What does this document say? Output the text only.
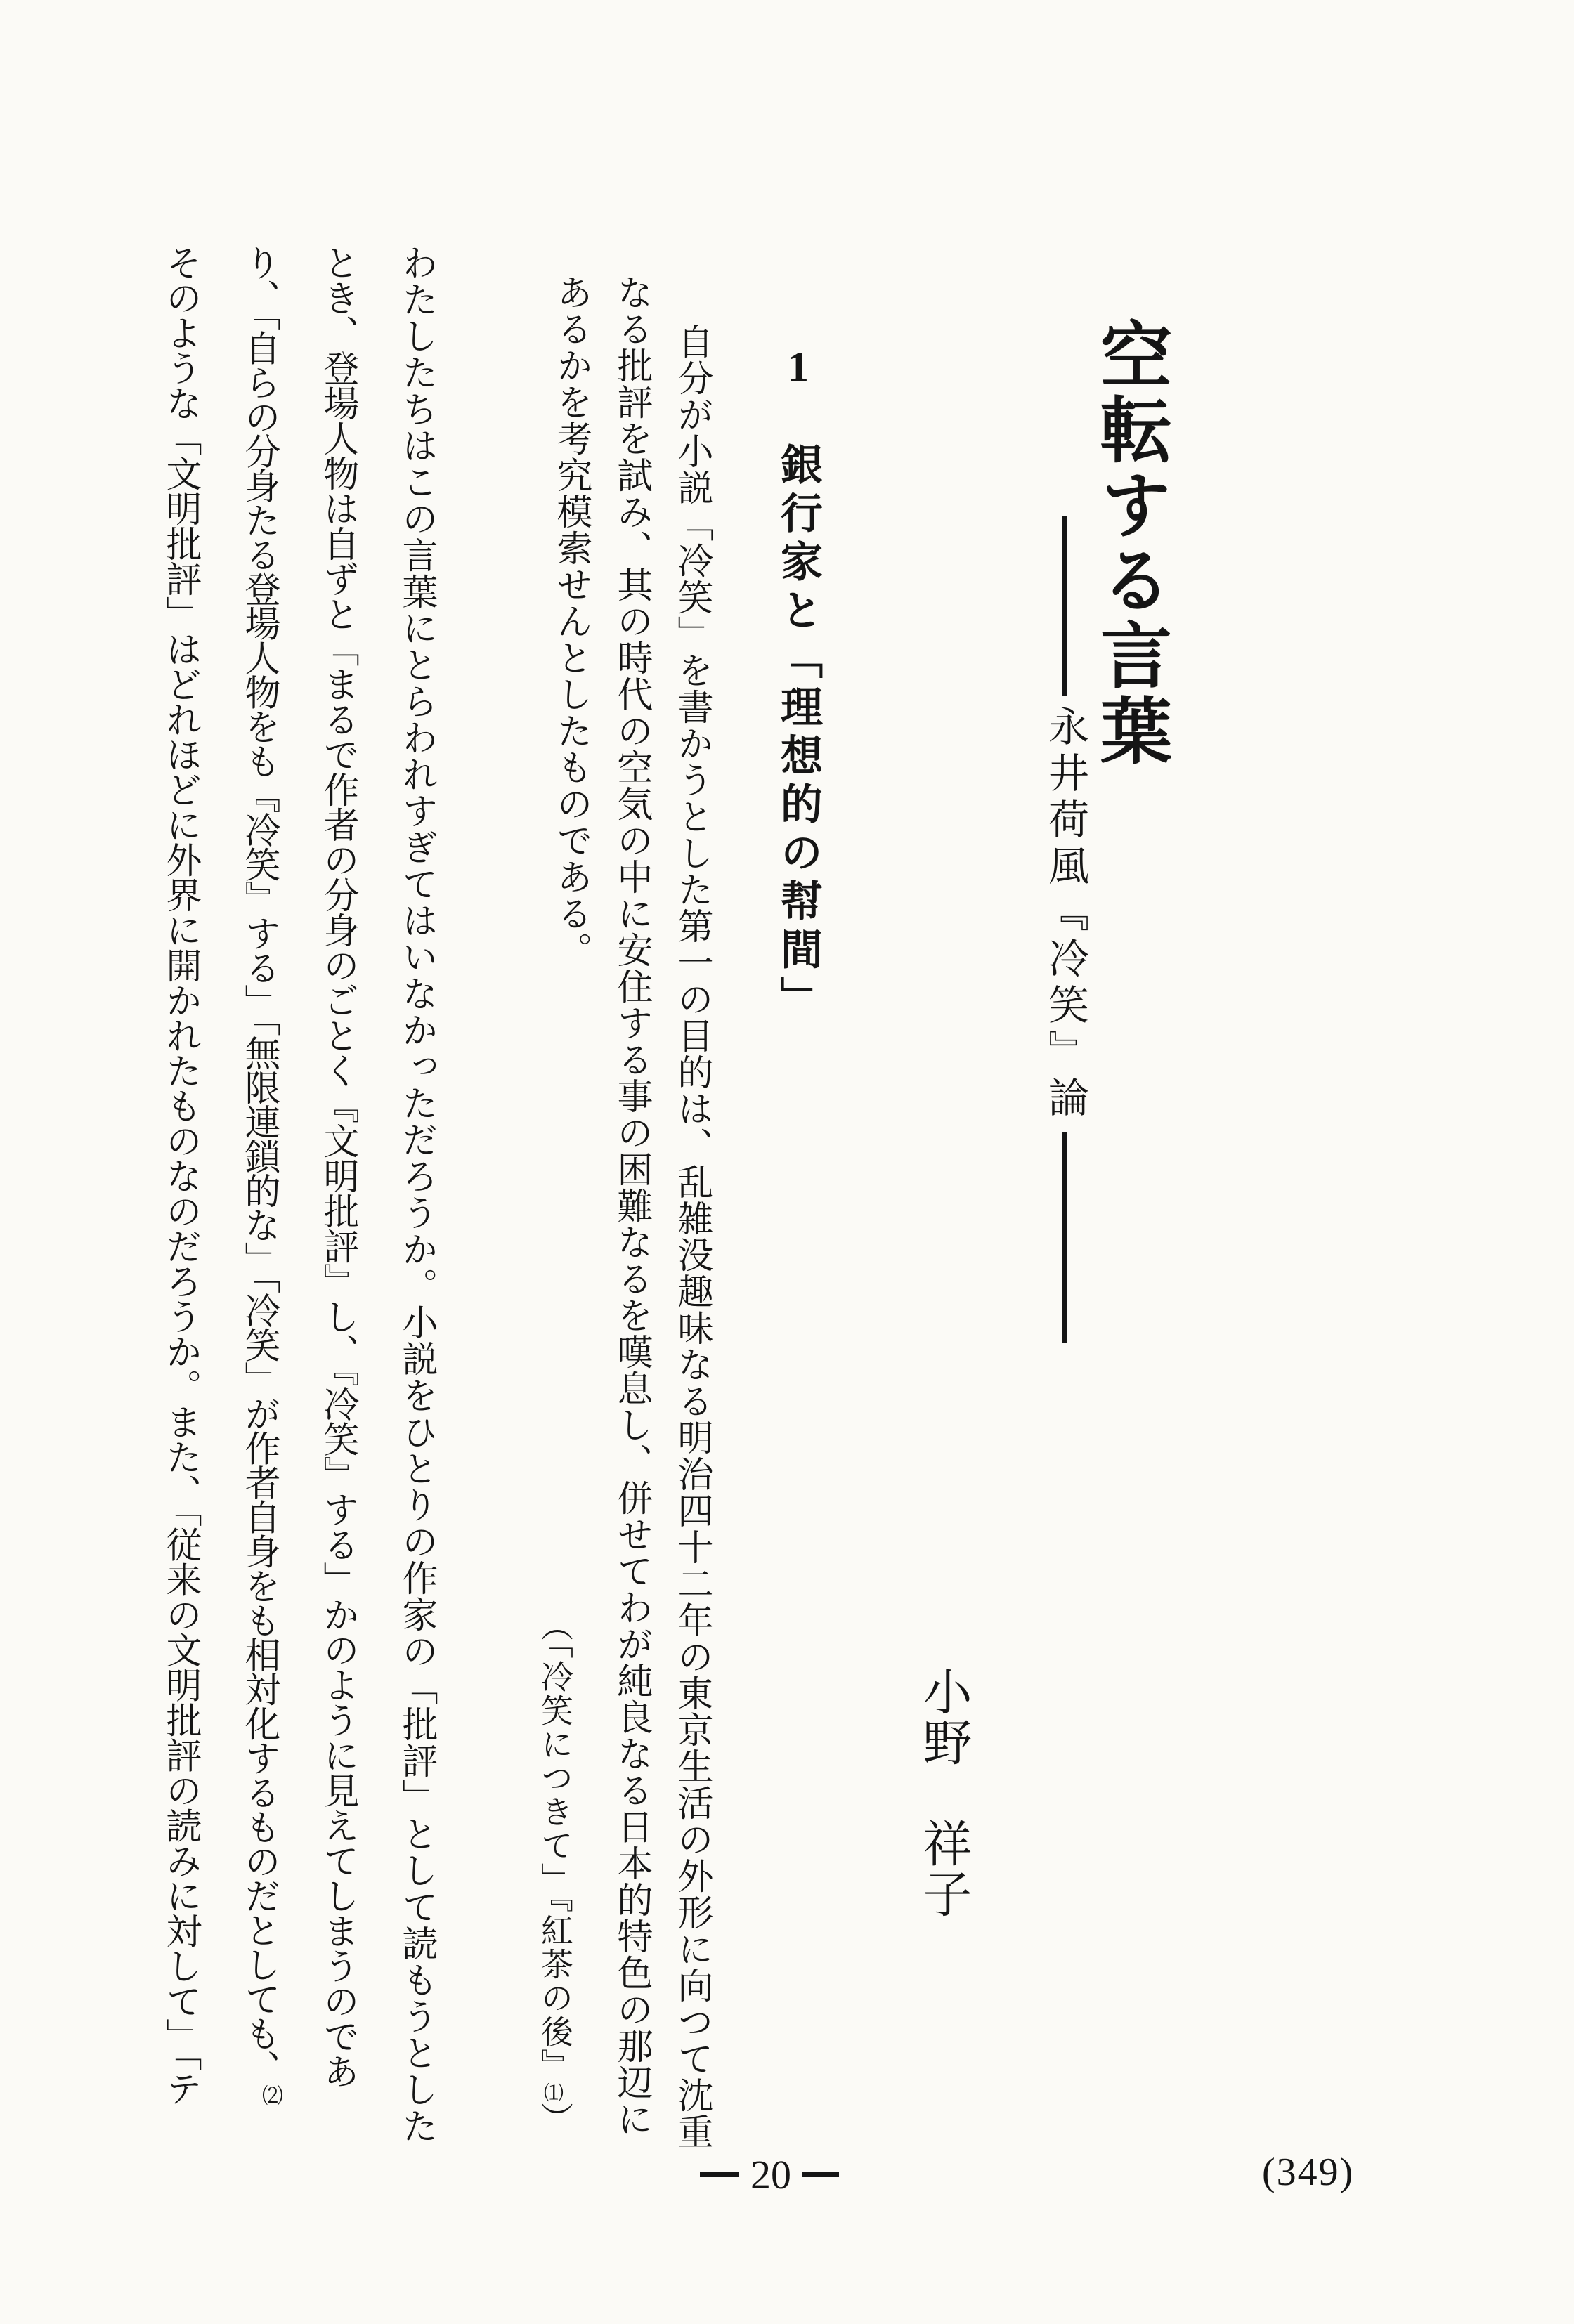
空転する言葉
永井荷風『冷笑』論
小野　祥子
1
銀行家と「理想的の幇間」
自分が小説「冷笑」を書かうとした第一の目的は、乱雑没趣味なる明治四十二年の東京生活の外形に向つて沈重
なる批評を試み、其の時代の空気の中に安住する事の困難なるを嘆息し、併せてわが純良なる日本的特色の那辺に
あるかを考究模索せんとしたものである。
（「冷笑につきて」『紅茶の後』⑴）
わたしたちはこの言葉にとらわれすぎてはいなかっただろうか。小説をひとりの作家の「批評」として読もうとした
とき、登場人物は自ずと「まるで作者の分身のごとく『文明批評』し、『冷笑』する」かのように見えてしまうのであ
り、「自らの分身たる登場人物をも『冷笑』する」「無限連鎖的な」「冷笑」が作者自身をも相対化するものだとしても、⑵
そのような「文明批評」はどれほどに外界に開かれたものなのだろうか。また、「従来の文明批評の読みに対して」「テ
20	(349)
